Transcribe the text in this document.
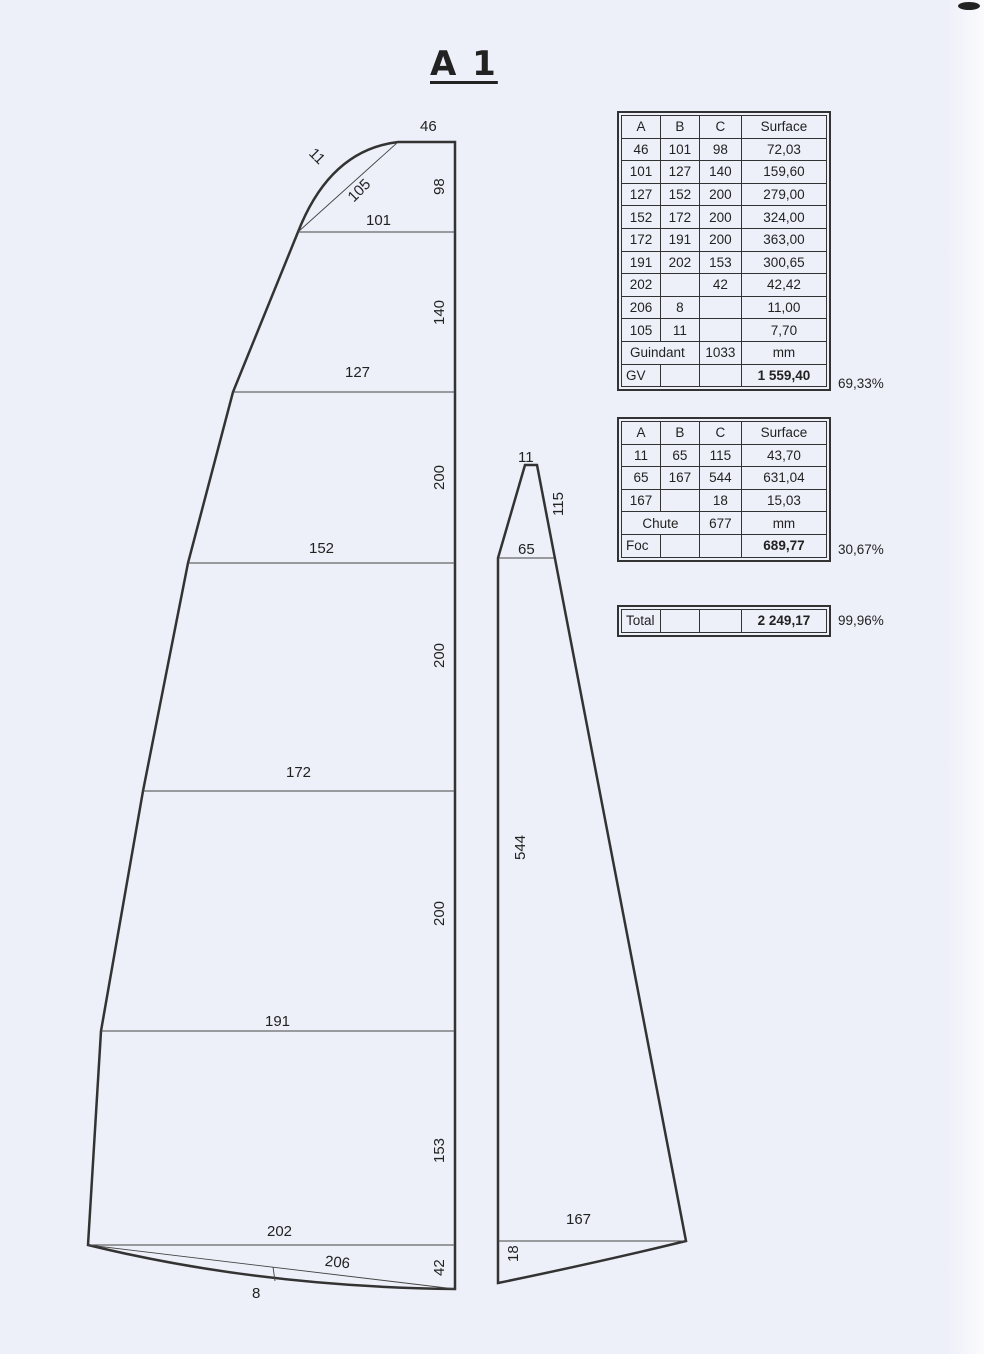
A 1
46
101
127
152
172
191
202
206
8
11
105	98
140
200
200
200
153
42
11
115
65
544
167
18
A	B	C	Surface
46	101	98	72,03
101	127	140	159,60
127	152	200	279,00
152	172	200	324,00
172	191	200	363,00
191	202	153	300,65
202		42	42,42
206	8		11,00
105	11		7,70
Guindant		1033	mm
GV			1 559,40
69,33%
A	B	C	Surface
11	65	115	43,70
65	167	544	631,04
167		18	15,03
Chute		677	mm
Foc			689,77 30,67%
Total			2 249,17 99,96%
